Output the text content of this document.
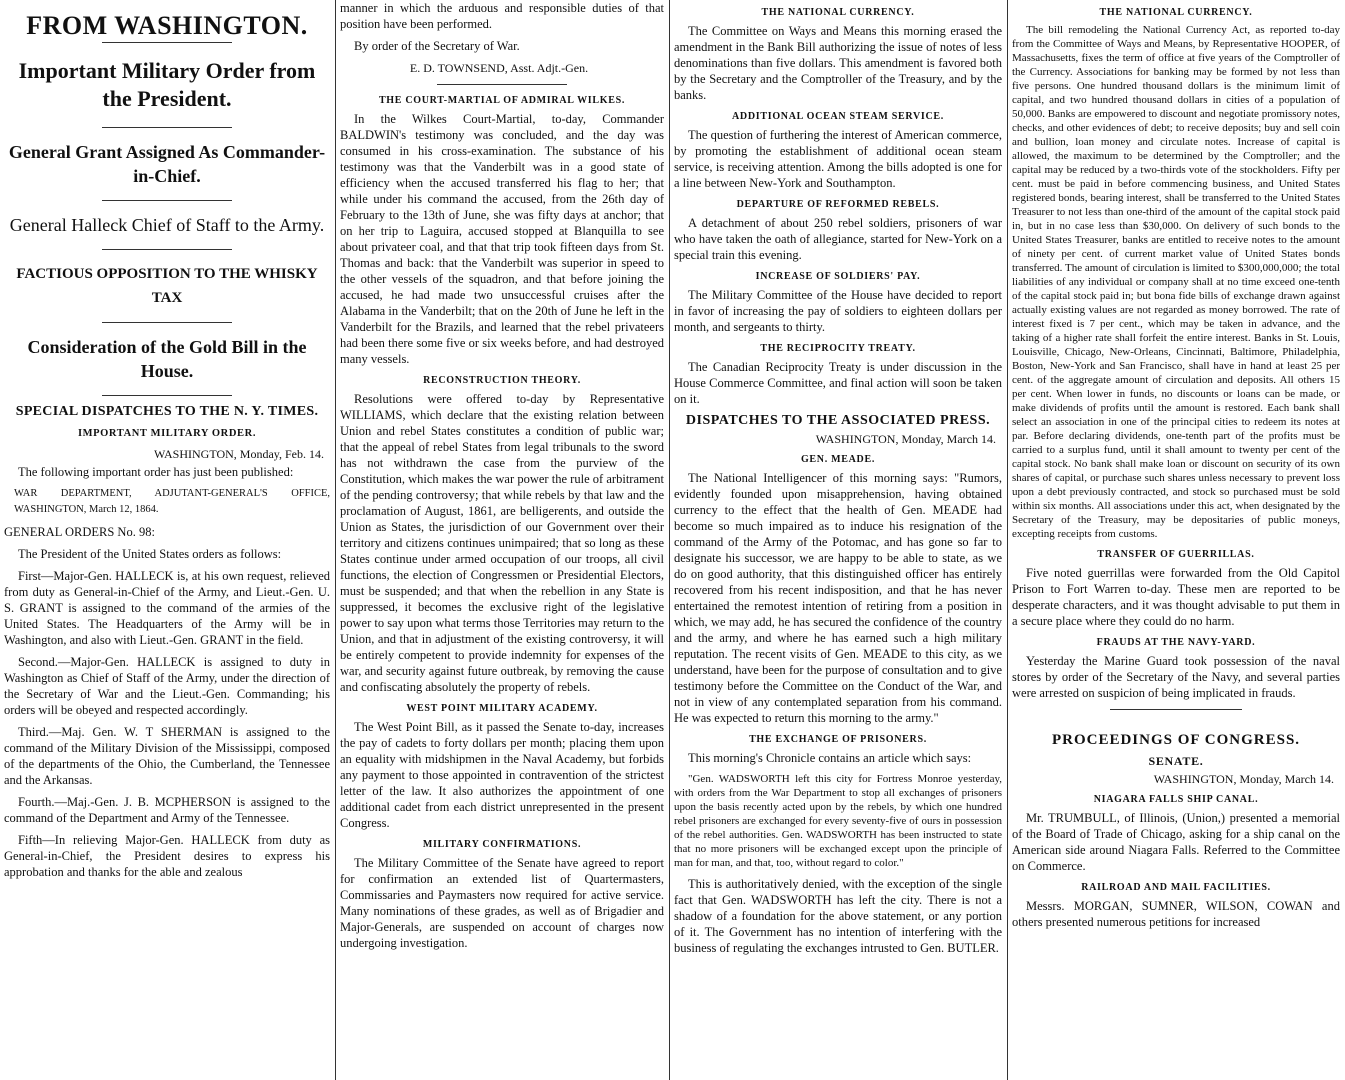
FROM WASHINGTON.
Important Military Order from the President.
General Grant Assigned As Commander-in-Chief.
General Halleck Chief of Staff to the Army.
FACTIOUS OPPOSITION TO THE WHISKY TAX
Consideration of the Gold Bill in the House.
SPECIAL DISPATCHES TO THE N. Y. TIMES.
IMPORTANT MILITARY ORDER.
WASHINGTON, Monday, Feb. 14.

The following important order has just been published:

WAR DEPARTMENT, ADJUTANT-GENERAL'S OFFICE, WASHINGTON, March 12, 1864.

GENERAL ORDERS No. 98:

The President of the United States orders as follows:

First—Major-Gen. HALLECK is, at his own request, relieved from duty as General-in-Chief of the Army, and Lieut.-Gen. U. S. GRANT is assigned to the command of the armies of the United States. The Headquarters of the Army will be in Washington, and also with Lieut.-Gen. GRANT in the field.

Second.—Major-Gen. HALLECK is assigned to duty in Washington as Chief of Staff of the Army, under the direction of the Secretary of War and the Lieut.-Gen. Commanding; his orders will be obeyed and respected accordingly.

Third.—Maj. Gen. W. T SHERMAN is assigned to the command of the Military Division of the Mississippi, composed of the departments of the Ohio, the Cumberland, the Tennessee and the Arkansas.

Fourth.—Maj.-Gen. J. B. MCPHERSON is assigned to the command of the Department and Army of the Tennessee.

Fifth—In relieving Major-Gen. HALLECK from duty as General-in-Chief, the President desires to express his approbation and thanks for the able and zealous

manner in which the arduous and responsible duties of that position have been performed.

By order of the Secretary of War.

E. D. TOWNSEND, Asst. Adjt.-Gen.
THE COURT-MARTIAL OF ADMIRAL WILKES.

In the Wilkes Court-Martial, to-day, Commander BALDWIN's testimony was concluded, and the day was consumed in his cross-examination. The substance of his testimony was that the Vanderbilt was in a good state of efficiency when the accused transferred his flag to her; that while under his command the accused, from the 26th day of February to the 13th of June, she was fifty days at anchor; that on her trip to Laguira, accused stopped at Blanquilla to see about privateer coal, and that that trip took fifteen days from St. Thomas and back: that the Vanderbilt was superior in speed to the other vessels of the squadron, and that before joining the accused, he had made two unsuccessful cruises after the Alabama in the Vanderbilt; that on the 20th of June he left in the Vanderbilt for the Brazils, and learned that the rebel privateers had been there some five or six weeks before, and had destroyed many vessels.

RECONSTRUCTION THEORY.

Resolutions were offered to-day by Representative WILLIAMS, which declare that the existing relation between Union and rebel States constitutes a condition of public war; that the appeal of rebel States from legal tribunals to the sword has not withdrawn the case from the purview of the Constitution, which makes the war power the rule of arbitrament of the pending controversy; that while rebels by that law and the proclamation of August, 1861, are belligerents, and outside the Union as States, the jurisdiction of our Government over their territory and citizens continues unimpaired; that so long as these States continue under armed occupation of our troops, all civil functions, the election of Congressmen or Presidential Electors, must be suspended; and that when the rebellion in any State is suppressed, it becomes the exclusive right of the legislative power to say upon what terms those Territories may return to the Union, and that in adjustment of the existing controversy, it will be entirely competent to provide indemnity for expenses of the war, and security against future outbreak, by removing the cause and confiscating absolutely the property of rebels.

WEST POINT MILITARY ACADEMY.

The West Point Bill, as it passed the Senate to-day, increases the pay of cadets to forty dollars per month; placing them upon an equality with midshipmen in the Naval Academy, but forbids any payment to those appointed in contravention of the strictest letter of the law. It also authorizes the appointment of one additional cadet from each district unrepresented in the present Congress.

MILITARY CONFIRMATIONS.

The Military Committee of the Senate have agreed to report for confirmation an extended list of Quartermasters, Commissaries and Paymasters now required for active service. Many nominations of these grades, as well as of Brigadier and Major-Generals, are suspended on account of charges now undergoing investigation.

THE NATIONAL CURRENCY.

The Committee on Ways and Means this morning erased the amendment in the Bank Bill authorizing the issue of notes of less denominations than five dollars. This amendment is favored both by the Secretary and the Comptroller of the Treasury, and by the banks.

ADDITIONAL OCEAN STEAM SERVICE.

The question of furthering the interest of American commerce, by promoting the establishment of additional ocean steam service, is receiving attention. Among the bills adopted is one for a line between New-York and Southampton.

DEPARTURE OF REFORMED REBELS.

A detachment of about 250 rebel soldiers, prisoners of war who have taken the oath of allegiance, started for New-York on a special train this evening.

INCREASE OF SOLDIERS' PAY.

The Military Committee of the House have decided to report in favor of increasing the pay of soldiers to eighteen dollars per month, and sergeants to thirty.

THE RECIPROCITY TREATY.

The Canadian Reciprocity Treaty is under discussion in the House Commerce Committee, and final action will soon be taken on it.

DISPATCHES TO THE ASSOCIATED PRESS.
WASHINGTON, Monday, March 14.
GEN. MEADE.

The National Intelligencer of this morning says: "Rumors, evidently founded upon misapprehension, having obtained currency to the effect that the health of Gen. MEADE had become so much impaired as to induce his resignation of the command of the Army of the Potomac, and has gone so far to designate his successor, we are happy to be able to state, as we do on good authority, that this distinguished officer has entirely recovered from his recent indisposition, and that he has never entertained the remotest intention of retiring from a position in which, we may add, he has secured the confidence of the country and the army, and where he has earned such a high military reputation. The recent visits of Gen. MEADE to this city, as we understand, have been for the purpose of consultation and to give testimony before the Committee on the Conduct of the War, and not in view of any contemplated separation from his command. He was expected to return this morning to the army."

THE EXCHANGE OF PRISONERS.

This morning's Chronicle contains an article which says:

"Gen. WADSWORTH left this city for Fortress Monroe yesterday, with orders from the War Department to stop all exchanges of prisoners upon the basis recently acted upon by the rebels, by which one hundred rebel prisoners are exchanged for every seventy-five of ours in possession of the rebel authorities. Gen. WADSWORTH has been instructed to state that no more prisoners will be exchanged except upon the principle of man for man, and that, too, without regard to color."

This is authoritatively denied, with the exception of the single fact that Gen. WADSWORTH has left the city. There is not a shadow of a foundation for the above statement, or any portion of it. The Government has no intention of interfering with the business of regulating the exchanges intrusted to Gen. BUTLER.

THE NATIONAL CURRENCY.

The bill remodeling the National Currency Act, as reported to-day from the Committee of Ways and Means, by Representative HOOPER, of Massachusetts, fixes the term of office at five years of the Comptroller of the Currency. Associations for banking may be formed by not less than five persons. One hundred thousand dollars is the minimum limit of capital, and two hundred thousand dollars in cities of a population of 50,000. Banks are empowered to discount and negotiate promissory notes, checks, and other evidences of debt; to receive deposits; buy and sell coin and bullion, loan money and circulate notes. Increase of capital is allowed, the maximum to be determined by the Comptroller; and the capital may be reduced by a two-thirds vote of the stockholders. Fifty per cent. must be paid in before commencing business, and United States registered bonds, bearing interest, shall be transferred to the United States Treasurer to not less than one-third of the amount of the capital stock paid in, but in no case less than $30,000. On delivery of such bonds to the United States Treasurer, banks are entitled to receive notes to the amount of ninety per cent. of current market value of United States bonds transferred. The amount of circulation is limited to $300,000,000; the total liabilities of any individual or company shall at no time exceed one-tenth of the capital stock paid in; but bona fide bills of exchange drawn against actually existing values are not regarded as money borrowed. The rate of interest fixed is 7 per cent., which may be taken in advance, and the taking of a higher rate shall forfeit the entire interest. Banks in St. Louis, Louisville, Chicago, New-Orleans, Cincinnati, Baltimore, Philadelphia, Boston, New-York and San Francisco, shall have in hand at least 25 per cent. of the aggregate amount of circulation and deposits. All others 15 per cent. When lower in funds, no discounts or loans can be made, or make dividends of profits until the amount is restored. Each bank shall select an association in one of the principal cities to redeem its notes at par. Before declaring dividends, one-tenth part of the profits must be carried to a surplus fund, until it shall amount to twenty per cent of the capital stock. No bank shall make loan or discount on security of its own shares of capital, or purchase such shares unless necessary to prevent loss upon a debt previously contracted, and stock so purchased must be sold within six months. All associations under this act, when designated by the Secretary of the Treasury, may be depositaries of public moneys, excepting receipts from customs.

TRANSFER OF GUERRILLAS.

Five noted guerrillas were forwarded from the Old Capitol Prison to Fort Warren to-day. These men are reported to be desperate characters, and it was thought advisable to put them in a secure place where they could do no harm.

FRAUDS AT THE NAVY-YARD.

Yesterday the Marine Guard took possession of the naval stores by order of the Secretary of the Navy, and several parties were arrested on suspicion of being implicated in frauds.

PROCEEDINGS OF CONGRESS.
SENATE.
WASHINGTON, Monday, March 14.
NIAGARA FALLS SHIP CANAL.

Mr. TRUMBULL, of Illinois, (Union,) presented a memorial of the Board of Trade of Chicago, asking for a ship canal on the American side around Niagara Falls. Referred to the Committee on Commerce.

RAILROAD AND MAIL FACILITIES.

Messrs. MORGAN, SUMNER, WILSON, COWAN and others presented numerous petitions for increased
